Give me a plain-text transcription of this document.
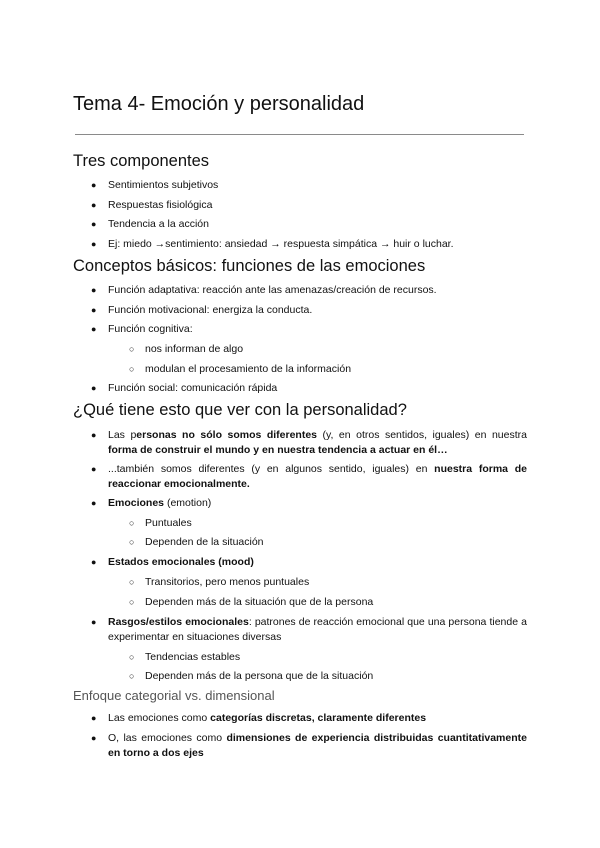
Tema 4- Emoción y personalidad
Tres componentes
● Sentimientos subjetivos
● Respuestas fisiológica
● Tendencia a la acción
● Ej: miedo →sentimiento: ansiedad → respuesta simpática → huir o luchar.
Conceptos básicos: funciones de las emociones
● Función adaptativa: reacción ante las amenazas/creación de recursos.
● Función motivacional: energiza la conducta.
● Función cognitiva:
○ nos informan de algo
○ modulan el procesamiento de la información
● Función social: comunicación rápida
¿Qué tiene esto que ver con la personalidad?
● Las personas no sólo somos diferentes (y, en otros sentidos, iguales) en nuestra forma de construir el mundo y en nuestra tendencia a actuar en él…
● ...también somos diferentes (y en algunos sentido, iguales) en nuestra forma de reaccionar emocionalmente.
● Emociones (emotion)
○ Puntuales
○ Dependen de la situación
● Estados emocionales (mood)
○ Transitorios, pero menos puntuales
○ Dependen más de la situación que de la persona
● Rasgos/estilos emocionales: patrones de reacción emocional que una persona tiende a experimentar en situaciones diversas
○ Tendencias estables
○ Dependen más de la persona que de la situación
Enfoque categorial vs. dimensional
● Las emociones como categorías discretas, claramente diferentes
● O, las emociones como dimensiones de experiencia distribuidas cuantitativamente en torno a dos ejes
